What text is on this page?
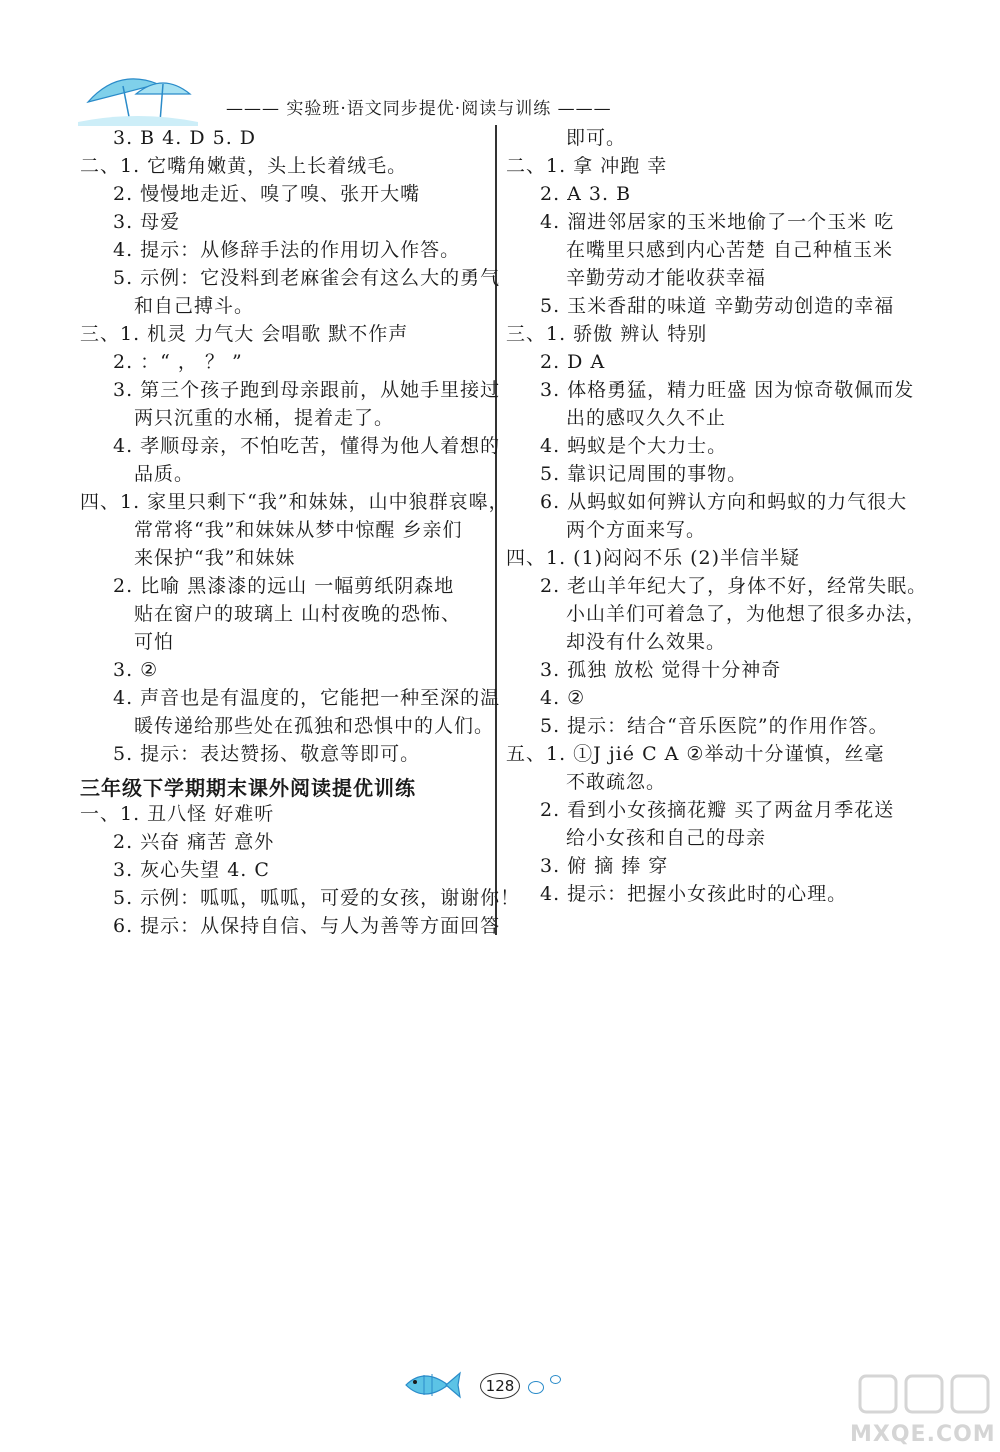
——— 实验班·语文同步提优·阅读与训练 ———
3. B 4. D 5. D
二、1. 它嘴角嫩黄，头上长着绒毛。
2. 慢慢地走近、嗅了嗅、张开大嘴
3. 母爱
4. 提示：从修辞手法的作用切入作答。
5. 示例：它没料到老麻雀会有这么大的勇气
和自己搏斗。
三、1. 机灵 力气大 会唱歌 默不作声
2. ：“ ， ？ ”
3. 第三个孩子跑到母亲跟前，从她手里接过
两只沉重的水桶，提着走了。
4. 孝顺母亲，不怕吃苦，懂得为他人着想的
品质。
四、1. 家里只剩下“我”和妹妹，山中狼群哀嗥，
常常将“我”和妹妹从梦中惊醒 乡亲们
来保护“我”和妹妹
2. 比喻 黑漆漆的远山 一幅剪纸阴森地
贴在窗户的玻璃上 山村夜晚的恐怖、
可怕
3. ②
4. 声音也是有温度的，它能把一种至深的温
暖传递给那些处在孤独和恐惧中的人们。
5. 提示：表达赞扬、敬意等即可。
三年级下学期期末课外阅读提优训练
一、1. 丑八怪 好难听
2. 兴奋 痛苦 意外
3. 灰心失望 4. C
5. 示例：呱呱，呱呱，可爱的女孩，谢谢你！
6. 提示：从保持自信、与人为善等方面回答
即可。
二、1. 拿 冲跑 幸
2. A 3. B
4. 溜进邻居家的玉米地偷了一个玉米 吃
在嘴里只感到内心苦楚 自己种植玉米
辛勤劳动才能收获幸福
5. 玉米香甜的味道 辛勤劳动创造的幸福
三、1. 骄傲 辨认 特别
2. D A
3. 体格勇猛，精力旺盛 因为惊奇敬佩而发
出的感叹久久不止
4. 蚂蚁是个大力士。
5. 靠识记周围的事物。
6. 从蚂蚁如何辨认方向和蚂蚁的力气很大
两个方面来写。
四、1. (1)闷闷不乐 (2)半信半疑
2. 老山羊年纪大了，身体不好，经常失眠。
小山羊们可着急了，为他想了很多办法，
却没有什么效果。
3. 孤独 放松 觉得十分神奇
4. ②
5. 提示：结合“音乐医院”的作用作答。
五、1. ①J jié C A ②举动十分谨慎，丝毫
不敢疏忽。
2. 看到小女孩摘花瓣 买了两盆月季花送
给小女孩和自己的母亲
3. 俯 摘 捧 穿
4. 提示：把握小女孩此时的心理。
128
MXQE.COM
